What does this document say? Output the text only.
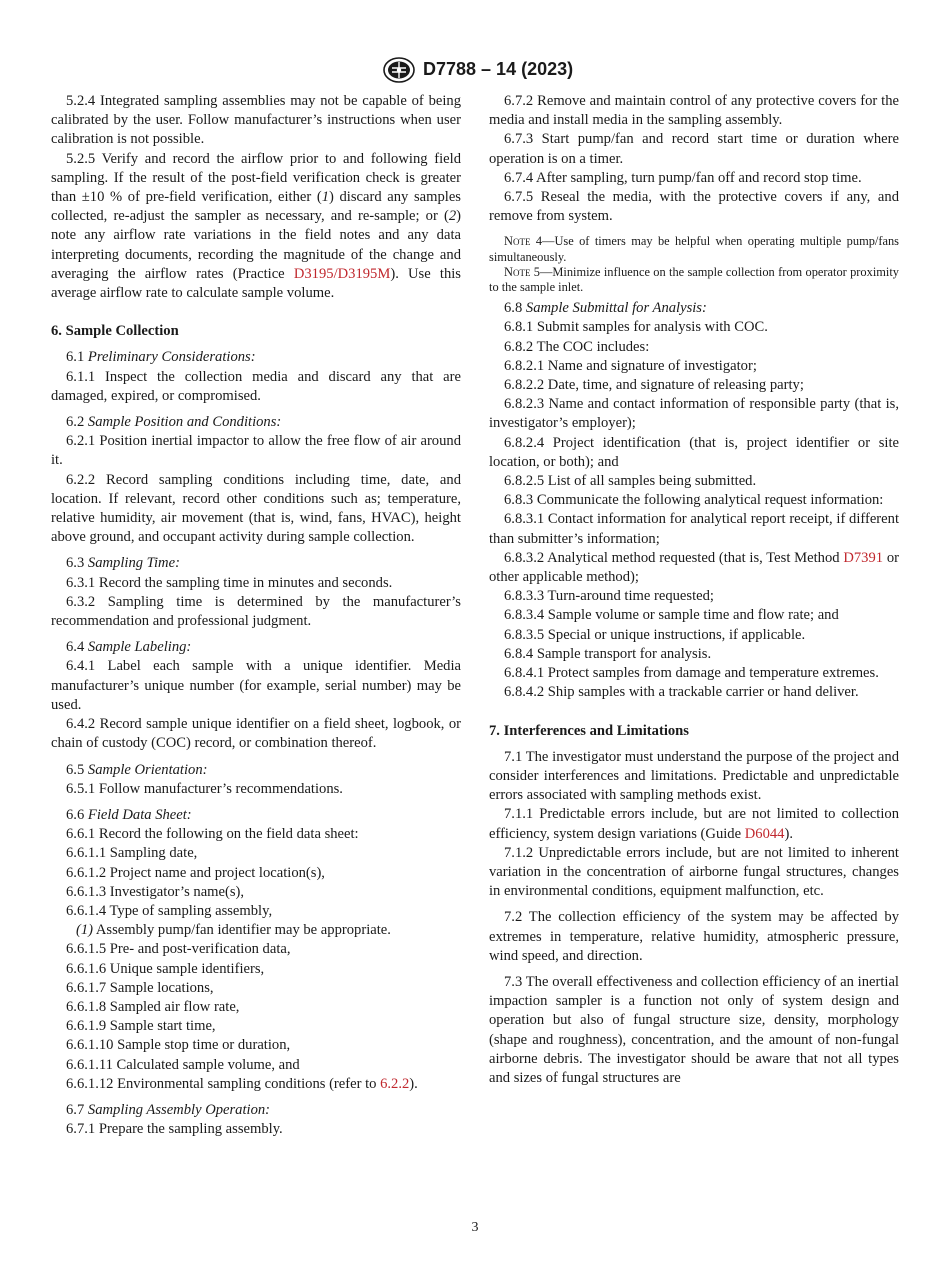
D7788 – 14 (2023)

5.2.4 Integrated sampling assemblies may not be capable of being calibrated by the user. Follow manufacturer’s instructions when user calibration is not possible.

5.2.5 Verify and record the airflow prior to and following field sampling. If the result of the post-field verification check is greater than ±10 % of pre-field verification, either (1) discard any samples collected, re-adjust the sampler as necessary, and re-sample; or (2) note any airflow rate variations in the field notes and any data interpreting documents, recording the magnitude of the change and averaging the airflow rates (Practice D3195/D3195M). Use this average airflow rate to calculate sample volume.

6. Sample Collection

6.1 Preliminary Considerations:

6.1.1 Inspect the collection media and discard any that are damaged, expired, or compromised.

6.2 Sample Position and Conditions:

6.2.1 Position inertial impactor to allow the free flow of air around it.

6.2.2 Record sampling conditions including time, date, and location. If relevant, record other conditions such as; temperature, relative humidity, air movement (that is, wind, fans, HVAC), height above ground, and occupant activity during sample collection.

6.3 Sampling Time:

6.3.1 Record the sampling time in minutes and seconds.

6.3.2 Sampling time is determined by the manufacturer’s recommendation and professional judgment.

6.4 Sample Labeling:

6.4.1 Label each sample with a unique identifier. Media manufacturer’s unique number (for example, serial number) may be used.

6.4.2 Record sample unique identifier on a field sheet, logbook, or chain of custody (COC) record, or combination thereof.

6.5 Sample Orientation:

6.5.1 Follow manufacturer’s recommendations.

6.6 Field Data Sheet:

6.6.1 Record the following on the field data sheet:

6.6.1.1 Sampling date,

6.6.1.2 Project name and project location(s),

6.6.1.3 Investigator’s name(s),

6.6.1.4 Type of sampling assembly,

(1) Assembly pump/fan identifier may be appropriate.

6.6.1.5 Pre- and post-verification data,

6.6.1.6 Unique sample identifiers,

6.6.1.7 Sample locations,

6.6.1.8 Sampled air flow rate,

6.6.1.9 Sample start time,

6.6.1.10 Sample stop time or duration,

6.6.1.11 Calculated sample volume, and

6.6.1.12 Environmental sampling conditions (refer to 6.2.2).

6.7 Sampling Assembly Operation:

6.7.1 Prepare the sampling assembly.

6.7.2 Remove and maintain control of any protective covers for the media and install media in the sampling assembly.

6.7.3 Start pump/fan and record start time or duration where operation is on a timer.

6.7.4 After sampling, turn pump/fan off and record stop time.

6.7.5 Reseal the media, with the protective covers if any, and remove from system.

Note 4—Use of timers may be helpful when operating multiple pump/fans simultaneously.

Note 5—Minimize influence on the sample collection from operator proximity to the sample inlet.

6.8 Sample Submittal for Analysis:

6.8.1 Submit samples for analysis with COC.

6.8.2 The COC includes:

6.8.2.1 Name and signature of investigator;

6.8.2.2 Date, time, and signature of releasing party;

6.8.2.3 Name and contact information of responsible party (that is, investigator’s employer);

6.8.2.4 Project identification (that is, project identifier or site location, or both); and

6.8.2.5 List of all samples being submitted.

6.8.3 Communicate the following analytical request information:

6.8.3.1 Contact information for analytical report receipt, if different than submitter’s information;

6.8.3.2 Analytical method requested (that is, Test Method D7391 or other applicable method);

6.8.3.3 Turn-around time requested;

6.8.3.4 Sample volume or sample time and flow rate; and

6.8.3.5 Special or unique instructions, if applicable.

6.8.4 Sample transport for analysis.

6.8.4.1 Protect samples from damage and temperature extremes.

6.8.4.2 Ship samples with a trackable carrier or hand deliver.

7. Interferences and Limitations

7.1 The investigator must understand the purpose of the project and consider interferences and limitations. Predictable and unpredictable errors associated with sampling methods exist.

7.1.1 Predictable errors include, but are not limited to collection efficiency, system design variations (Guide D6044).

7.1.2 Unpredictable errors include, but are not limited to inherent variation in the concentration of airborne fungal structures, changes in environmental conditions, equipment malfunction, etc.

7.2 The collection efficiency of the system may be affected by extremes in temperature, relative humidity, atmospheric pressure, wind speed, and direction.

7.3 The overall effectiveness and collection efficiency of an inertial impaction sampler is a function not only of system design and operation but also of fungal structure size, density, morphology (shape and roughness), concentration, and the amount of non-fungal airborne debris. The investigator should be aware that not all types and sizes of fungal structures are

3
